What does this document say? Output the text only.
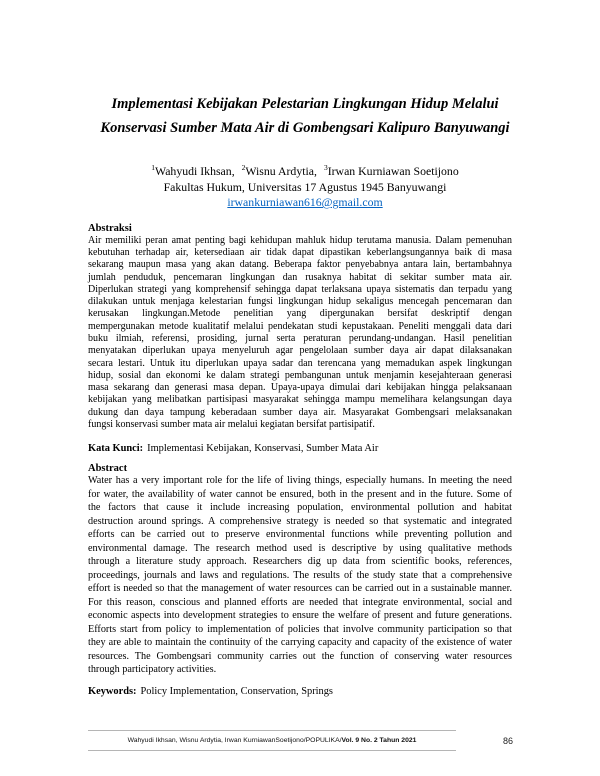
Implementasi Kebijakan Pelestarian Lingkungan Hidup Melalui
Konservasi Sumber Mata Air di Gombengsari Kalipuro Banyuwangi
$^1$Wahyudi Ikhsan, $^2$Wisnu Ardytia, $^3$Irwan Kurniawan Soetijono
Fakultas Hukum, Universitas 17 Agustus 1945 Banyuwangi
irwankurniawan616@gmail.com
Abstraksi
Air memiliki peran amat penting bagi kehidupan mahluk hidup terutama manusia. Dalam pemenuhan
kebutuhan terhadap air, ketersediaan air tidak dapat dipastikan keberlangsungannya baik di masa
sekarang maupun masa yang akan datang. Beberapa faktor penyebabnya antara lain, bertambahnya
jumlah penduduk, pencemaran lingkungan dan rusaknya habitat di sekitar sumber mata air.
Diperlukan strategi yang komprehensif sehingga dapat terlaksana upaya sistematis dan terpadu yang
dilakukan untuk menjaga kelestarian fungsi lingkungan hidup sekaligus mencegah pencemaran dan
kerusakan lingkungan.Metode penelitian yang dipergunakan bersifat deskriptif dengan
mempergunakan metode kualitatif melalui pendekatan studi kepustakaan. Peneliti menggali data dari
buku ilmiah, referensi, prosiding, jurnal serta peraturan perundang-undangan. Hasil penelitian
menyatakan diperlukan upaya menyeluruh agar pengelolaan sumber daya air dapat dilaksanakan
secara lestari. Untuk itu diperlukan upaya sadar dan terencana yang memadukan aspek lingkungan
hidup, sosial dan ekonomi ke dalam strategi pembangunan untuk menjamin kesejahteraan generasi
masa sekarang dan generasi masa depan. Upaya-upaya dimulai dari kebijakan hingga pelaksanaan
kebijakan yang melibatkan partisipasi masyarakat sehingga mampu memelihara kelangsungan daya
dukung dan daya tampung keberadaan sumber daya air. Masyarakat Gombengsari melaksanakan
fungsi konservasi sumber mata air melalui kegiatan bersifat partisipatif.
Kata Kunci: Implementasi Kebijakan, Konservasi, Sumber Mata Air
Abstract
Water has a very important role for the life of living things, especially humans. In meeting the need
for water, the availability of water cannot be ensured, both in the present and in the future. Some of
the factors that cause it include increasing population, environmental pollution and habitat
destruction around springs. A comprehensive strategy is needed so that systematic and integrated
efforts can be carried out to preserve environmental functions while preventing pollution and
environmental damage. The research method used is descriptive by using qualitative methods
through a literature study approach. Researchers dig up data from scientific books, references,
proceedings, journals and laws and regulations. The results of the study state that a comprehensive
effort is needed so that the management of water resources can be carried out in a sustainable manner.
For this reason, conscious and planned efforts are needed that integrate environmental, social and
economic aspects into development strategies to ensure the welfare of present and future generations.
Efforts start from policy to implementation of policies that involve community participation so that
they are able to maintain the continuity of the carrying capacity and capacity of the existence of water
resources. The Gombengsari community carries out the function of conserving water resources
through participatory activities.
Keywords: Policy Implementation, Conservation, Springs
Wahyudi Ikhsan, Wisnu Ardytia, Irwan KurniawanSoetijono/POPULIKA/Vol. 9 No. 2 Tahun 2021	86
